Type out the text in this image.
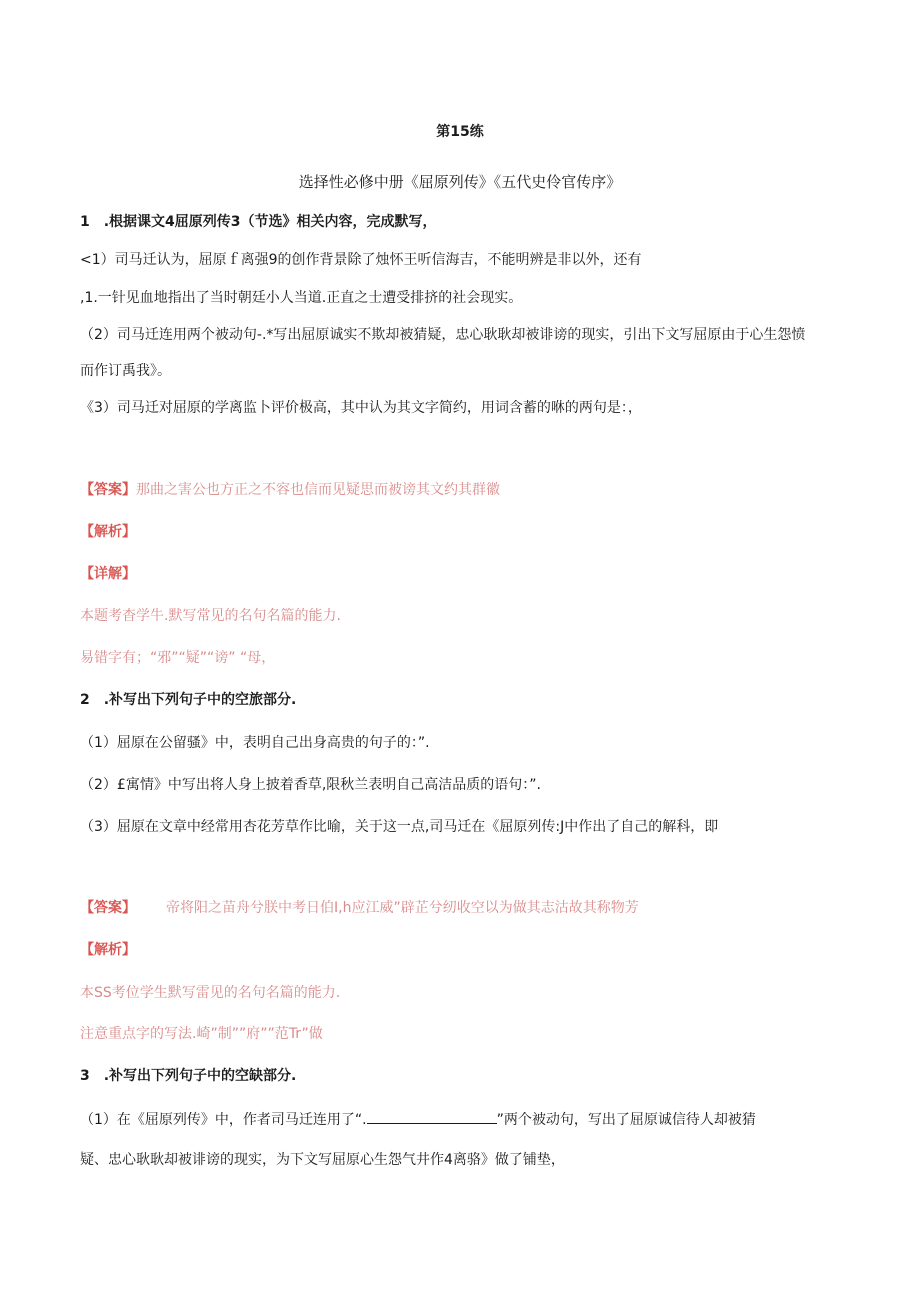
第15练
选择性必修中册《屈原列传》《五代史伶官传序》
1　.根据课文4屈原列传3（节选》相关内容，完成默写，
<1）司马迁认为，屈原ｆ离强9的创作背景除了烛怀王听信海吉，不能明辨是非以外，还有
,1.一针见血地指出了当时朝廷小人当道.正直之士遭受排挤的社会现实。
（2）司马迁连用两个被动句-.*写出屈原诚实不欺却被猜疑，忠心耿耿却被诽谤的现实，引出下文写屈原由于心生怨愤
而作订禹我》。
《3）司马迁对屈原的学离监卜评价极高，其中认为其文字简约，用词含蓄的咻的两句是：，
【答案】那曲之害公也方正之不容也信而见疑思而被谤其文约其群徽
【解析】
【详解】
本题考杳学牛.默写常见的名句名篇的能力.
易错字有；“邪”“疑”“谤” “母，
2　.补写出下列句子中的空旅部分.
（1）屈原在公留骚》中，表明自己出身高贵的句子的：”.
（2）£寓情》中写出将人身上披着香草,限秋兰表明自己高洁品质的语句：”.
（3）屈原在文章中经常用杏花芳草作比喻，关于这一点,司马迁在《屈原列传:J中作出了自己的解科，即
【答案】 帝将阳之苗舟兮朕中考日伯I,h应江威”辟芷兮纫收空以为做其志沽故其称物芳
【解析】
本SS考位学生默写雷见的名句名篇的能力.
注意重点字的写法.崎”制””府””范Tr”做
3　.补写出下列句子中的空缺部分.
（1）在《屈原列传》中，作者司马迁连用了“.	”两个被动句，写出了屈原诚信待人却被猜
疑、忠心耿耿却被诽谤的现实，为下文写屈原心生怨气井作4离骆》做了铺垫，
